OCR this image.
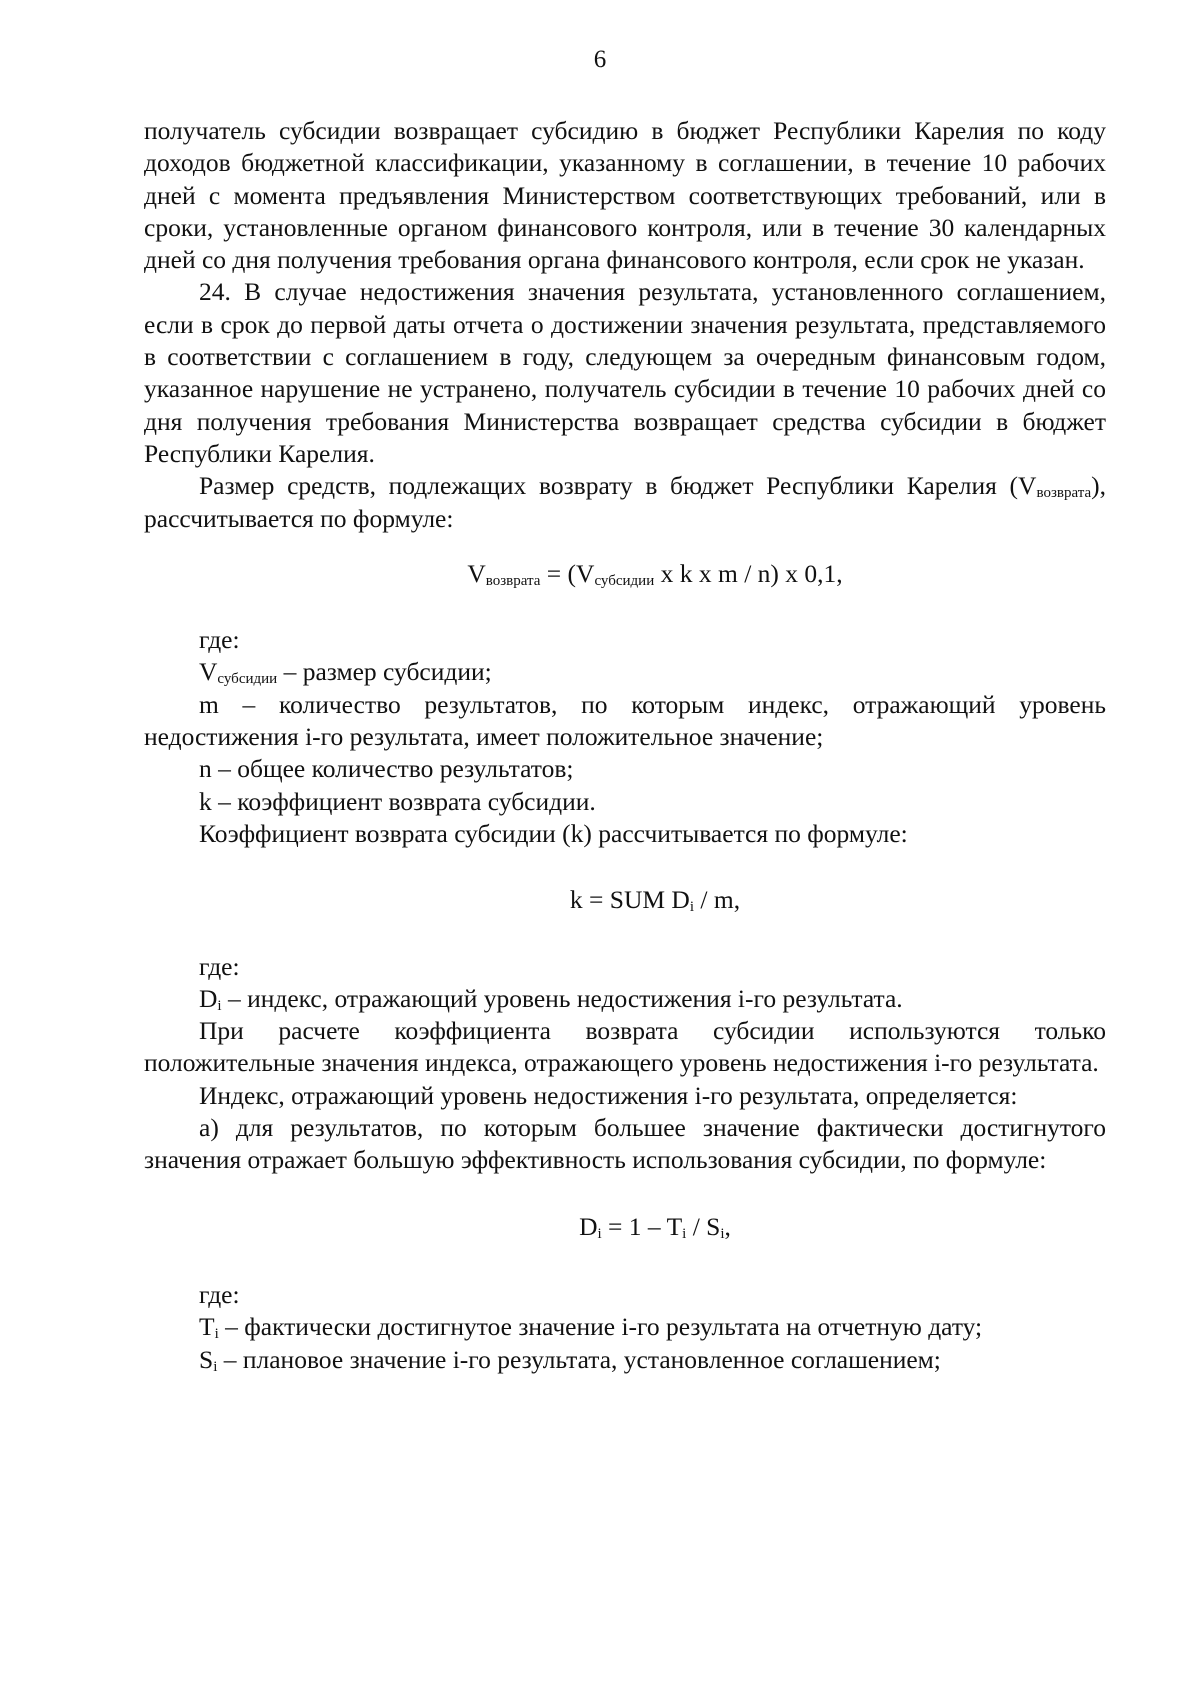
6

получатель субсидии возвращает субсидию в бюджет Республики Карелия по коду доходов бюджетной классификации, указанному в соглашении, в течение 10 рабочих дней с момента предъявления Министерством соответствующих требований, или в сроки, установленные органом финансового контроля, или в течение 30 календарных дней со дня получения требования органа финансового контроля, если срок не указан.

24. В случае недостижения значения результата, установленного соглашением, если в срок до первой даты отчета о достижении значения результата, представляемого в соответствии с соглашением в году, следующем за очередным финансовым годом, указанное нарушение не устранено, получатель субсидии в течение 10 рабочих дней со дня получения требования Министерства возвращает средства субсидии в бюджет Республики Карелия.

Размер средств, подлежащих возврату в бюджет Республики Карелия $(V_{возврата})$, рассчитывается по формуле:

$V_{возврата} = (V_{субсидии}$ x k x m / n) x 0,1,

где:

$V_{субсидии}$ – размер субсидии;

m – количество результатов, по которым индекс, отражающий уровень недостижения i-го результата, имеет положительное значение;

n – общее количество результатов;

k – коэффициент возврата субсидии.

Коэффициент возврата субсидии (k) рассчитывается по формуле:

k = SUM $D_i$ / m,

где:

$D_i$ – индекс, отражающий уровень недостижения i-го результата.

При расчете коэффициента возврата субсидии используются только положительные значения индекса, отражающего уровень недостижения i-го результата.

Индекс, отражающий уровень недостижения i-го результата, определяется:

а) для результатов, по которым большее значение фактически достигнутого значения отражает большую эффективность использования субсидии, по формуле:

$D_i = 1 - T_i / S_i$,

где:

$T_i$ – фактически достигнутое значение i-го результата на отчетную дату;

$S_i$ – плановое значение i-го результата, установленное соглашением;
